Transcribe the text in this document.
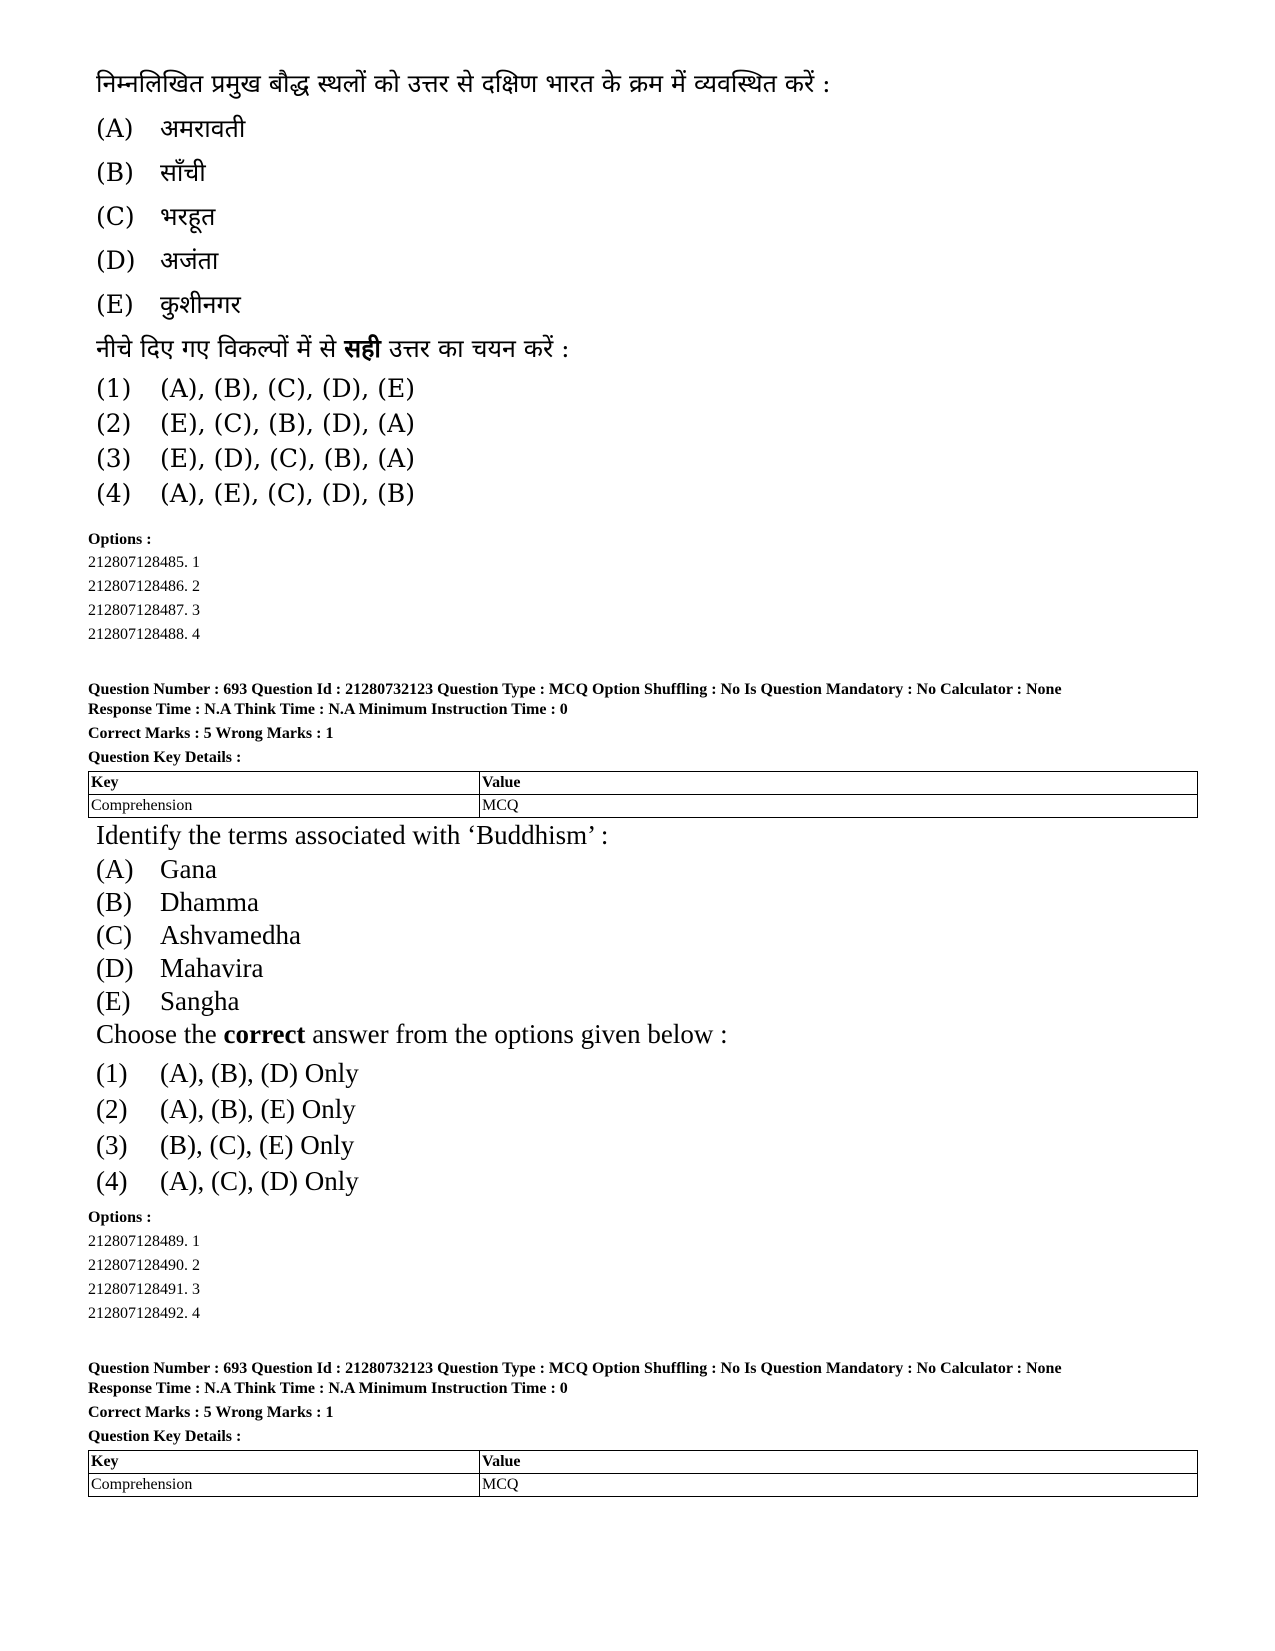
निम्नलिखित प्रमुख बौद्ध स्थलों को उत्तर से दक्षिण भारत के क्रम में व्यवस्थित करें :
(A) अमरावती
(B) साँची
(C) भरहूत
(D) अजंता
(E) कुशीनगर
नीचे दिए गए विकल्पों में से सही उत्तर का चयन करें :
(1) (A), (B), (C), (D), (E)
(2) (E), (C), (B), (D), (A)
(3) (E), (D), (C), (B), (A)
(4) (A), (E), (C), (D), (B)
Options :
212807128485. 1
212807128486. 2
212807128487. 3
212807128488. 4
Question Number : 693 Question Id : 21280732123 Question Type : MCQ Option Shuffling : No Is Question Mandatory : No Calculator : None
Response Time : N.A Think Time : N.A Minimum Instruction Time : 0
Correct Marks : 5 Wrong Marks : 1
Question Key Details :
Key	Value
Comprehension	MCQ
Identify the terms associated with ‘Buddhism’ :
(A) Gana
(B) Dhamma
(C) Ashvamedha
(D) Mahavira
(E) Sangha
Choose the correct answer from the options given below :
(1) (A), (B), (D) Only
(2) (A), (B), (E) Only
(3) (B), (C), (E) Only
(4) (A), (C), (D) Only
Options :
212807128489. 1
212807128490. 2
212807128491. 3
212807128492. 4
Question Number : 693 Question Id : 21280732123 Question Type : MCQ Option Shuffling : No Is Question Mandatory : No Calculator : None
Response Time : N.A Think Time : N.A Minimum Instruction Time : 0
Correct Marks : 5 Wrong Marks : 1
Question Key Details :
Key	Value
Comprehension	MCQ
